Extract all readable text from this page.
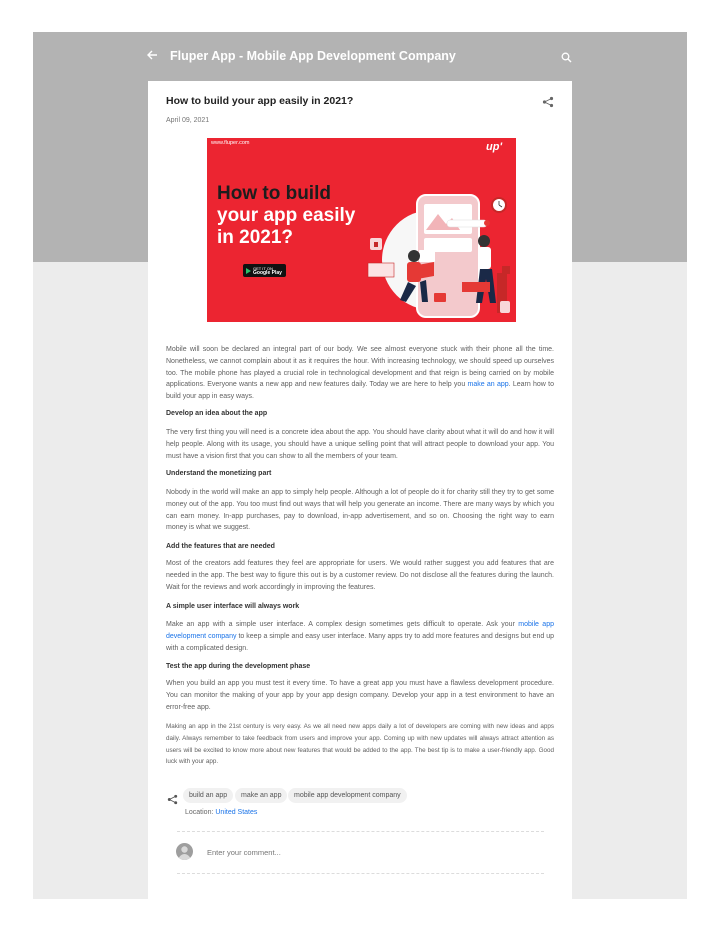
Fluper App - Mobile App Development Company
How to build your app easily in 2021?
April 09, 2021
www.fluper.com	up'
How to build
your app easily
in 2021?
GET IT ON
Google Play

Mobile will soon be declared an integral part of our body. We see almost everyone stuck with their phone all the time. Nonetheless, we cannot complain about it as it requires the hour. With increasing technology, we should speed up ourselves too. The mobile phone has played a crucial role in technological development and that reign is being carried on by mobile applications. Everyone wants a new app and new features daily. Today we are here to help you make an app. Learn how to build your app in easy ways.

Develop an idea about the app

The very first thing you will need is a concrete idea about the app. You should have clarity about what it will do and how it will help people. Along with its usage, you should have a unique selling point that will attract people to download your app. You must have a vision first that you can show to all the members of your team.

Understand the monetizing part

Nobody in the world will make an app to simply help people. Although a lot of people do it for charity still they try to get some money out of the app. You too must find out ways that will help you generate an income. There are many ways by which you can earn money. In-app purchases, pay to download, in-app advertisement, and so on. Choosing the right way to earn money is what we suggest.

Add the features that are needed

Most of the creators add features they feel are appropriate for users. We would rather suggest you add features that are needed in the app. The best way to figure this out is by a customer review. Do not disclose all the features during the launch. Wait for the reviews and work accordingly in improving the features.

A simple user interface will always work

Make an app with a simple user interface. A complex design sometimes gets difficult to operate. Ask your mobile app development company to keep a simple and easy user interface. Many apps try to add more features and designs but end up with a complicated design.

Test the app during the development phase

When you build an app you must test it every time. To have a great app you must have a flawless development procedure. You can monitor the making of your app by your app design company. Develop your app in a test environment to have an error-free app.

Making an app in the 21st century is very easy. As we all need new apps daily a lot of developers are coming with new ideas and apps daily. Always remember to take feedback from users and improve your app. Coming up with new updates will always attract attention as users will be excited to know more about new features that would be added to the app. The best tip is to make a user-friendly app. Good luck with your app.

build an app	make an app	mobile app development company
Location: United States
Enter your comment...
